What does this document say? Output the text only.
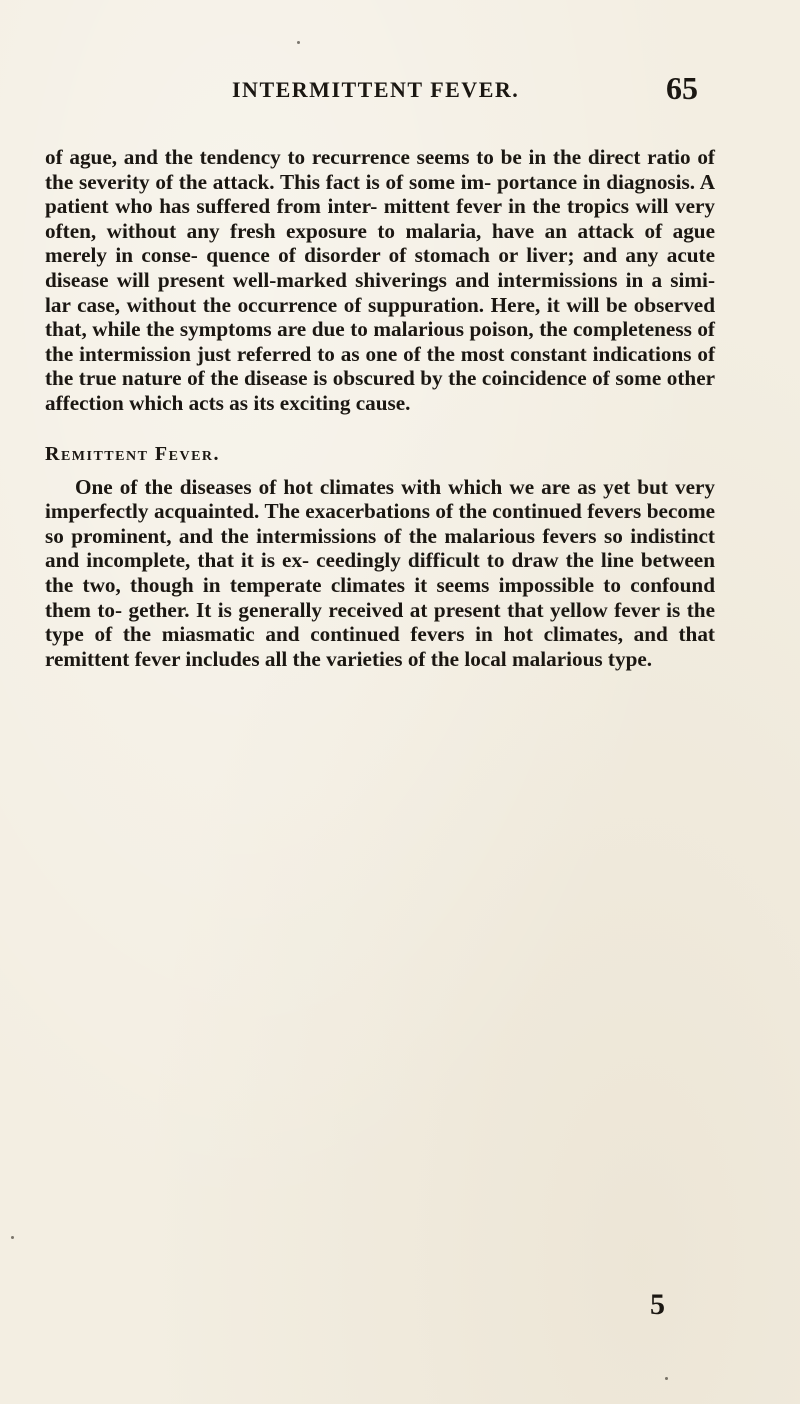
INTERMITTENT FEVER.	65

of ague, and the tendency to recurrence seems to be in the direct ratio of the severity of the attack. This fact is of some im- portance in diagnosis. A patient who has suffered from inter- mittent fever in the tropics will very often, without any fresh exposure to malaria, have an attack of ague merely in conse- quence of disorder of stomach or liver; and any acute disease will present well-marked shiverings and intermissions in a simi- lar case, without the occurrence of suppuration. Here, it will be observed that, while the symptoms are due to malarious poison, the completeness of the intermission just referred to as one of the most constant indications of the true nature of the disease is obscured by the coincidence of some other affection which acts as its exciting cause.

Remittent Fever.

One of the diseases of hot climates with which we are as yet but very imperfectly acquainted. The exacerbations of the continued fevers become so prominent, and the intermissions of the malarious fevers so indistinct and incomplete, that it is ex- ceedingly difficult to draw the line between the two, though in temperate climates it seems impossible to confound them to- gether. It is generally received at present that yellow fever is the type of the miasmatic and continued fevers in hot climates, and that remittent fever includes all the varieties of the local malarious type.

5
